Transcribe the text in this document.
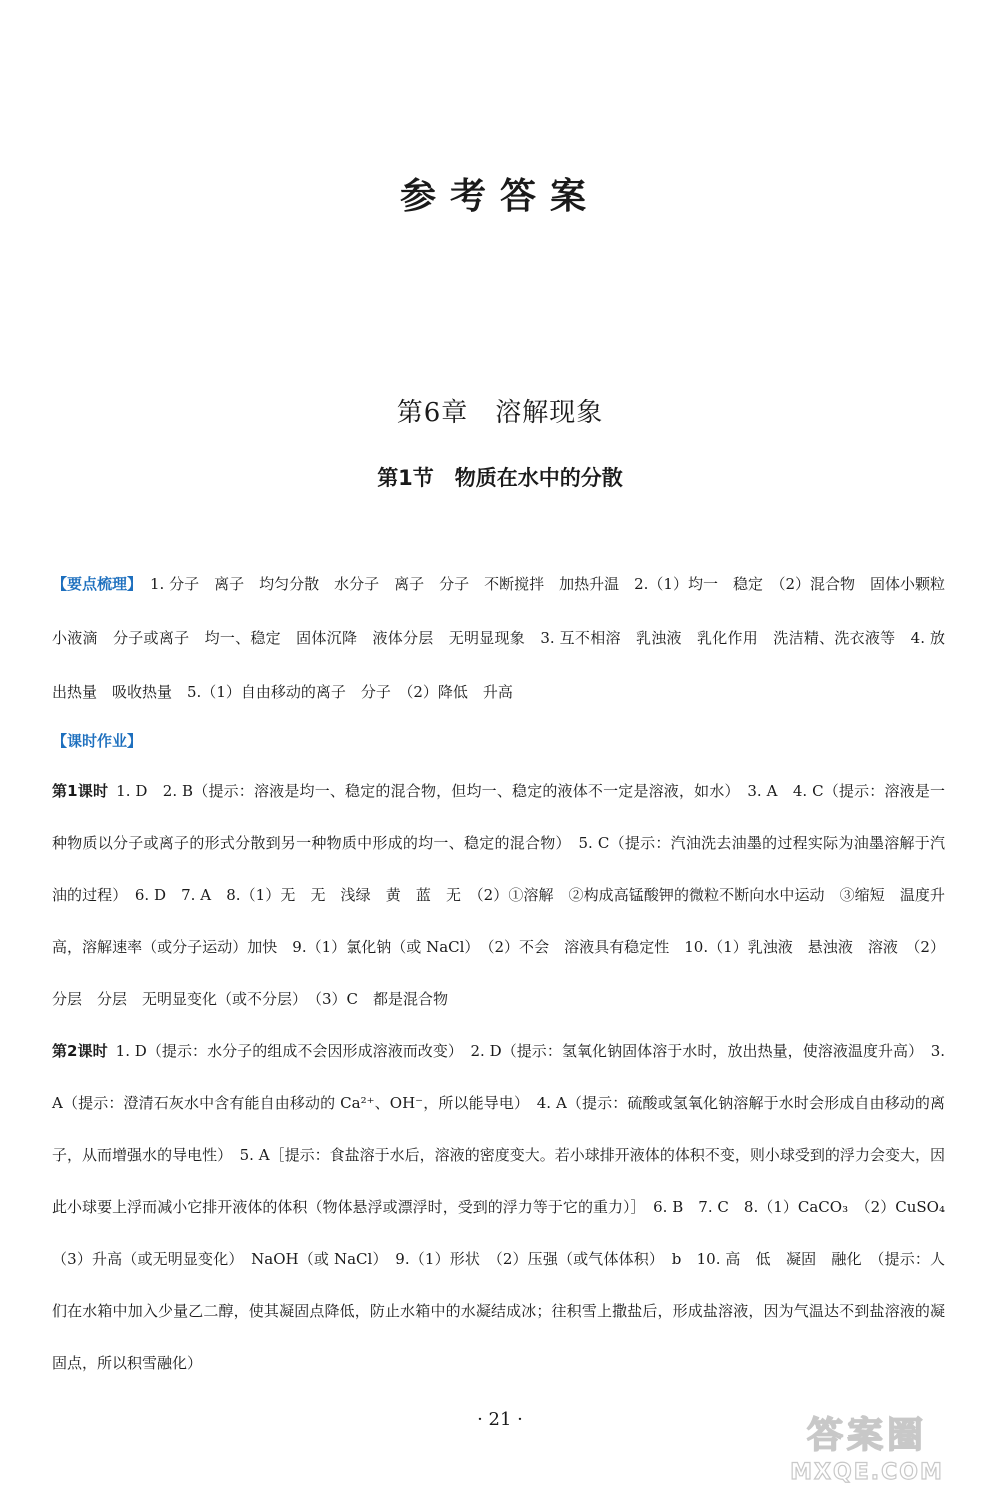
参考答案
第6章　溶解现象
第1节　物质在水中的分散

【要点梳理】 1. 分子　离子　均匀分散　水分子　离子　分子　不断搅拌　加热升温　2.（1）均一　稳定　（2）混合物　固体小颗粒　小液滴　分子或离子　均一、稳定　固体沉降　液体分层　无明显现象　3. 互不相溶　乳浊液　乳化作用　洗洁精、洗衣液等　4. 放出热量　吸收热量　5.（1）自由移动的离子　分子　（2）降低　升高

【课时作业】

第1课时 1. D　2. B（提示：溶液是均一、稳定的混合物，但均一、稳定的液体不一定是溶液，如水）　3. A　4. C（提示：溶液是一种物质以分子或离子的形式分散到另一种物质中形成的均一、稳定的混合物）　5. C（提示：汽油洗去油墨的过程实际为油墨溶解于汽油的过程）　6. D　7. A　8.（1）无　无　浅绿　黄　蓝　无　（2）①溶解　②构成高锰酸钾的微粒不断向水中运动　③缩短　温度升高，溶解速率（或分子运动）加快　9.（1）氯化钠（或 NaCl）　（2）不会　溶液具有稳定性　10.（1）乳浊液　悬浊液　溶液　（2）分层　分层　无明显变化（或不分层）　（3）C　都是混合物

第2课时 1. D（提示：水分子的组成不会因形成溶液而改变）　2. D（提示：氢氧化钠固体溶于水时，放出热量，使溶液温度升高）　3. A（提示：澄清石灰水中含有能自由移动的 Ca²⁺、OH⁻，所以能导电）　4. A（提示：硫酸或氢氧化钠溶解于水时会形成自由移动的离子，从而增强水的导电性）　5. A［提示：食盐溶于水后，溶液的密度变大。若小球排开液体的体积不变，则小球受到的浮力会变大，因此小球要上浮而减小它排开液体的体积（物体悬浮或漂浮时，受到的浮力等于它的重力）］　6. B　7. C　8.（1）CaCO₃　（2）CuSO₄　（3）升高（或无明显变化）　NaOH（或 NaCl）　9.（1）形状　（2）压强（或气体体积）　b　10. 高　低　凝固　融化　（提示：人们在水箱中加入少量乙二醇，使其凝固点降低，防止水箱中的水凝结成冰；往积雪上撒盐后，形成盐溶液，因为气温达不到盐溶液的凝固点，所以积雪融化）

· 21 ·	答案圈
MXQE.COM
